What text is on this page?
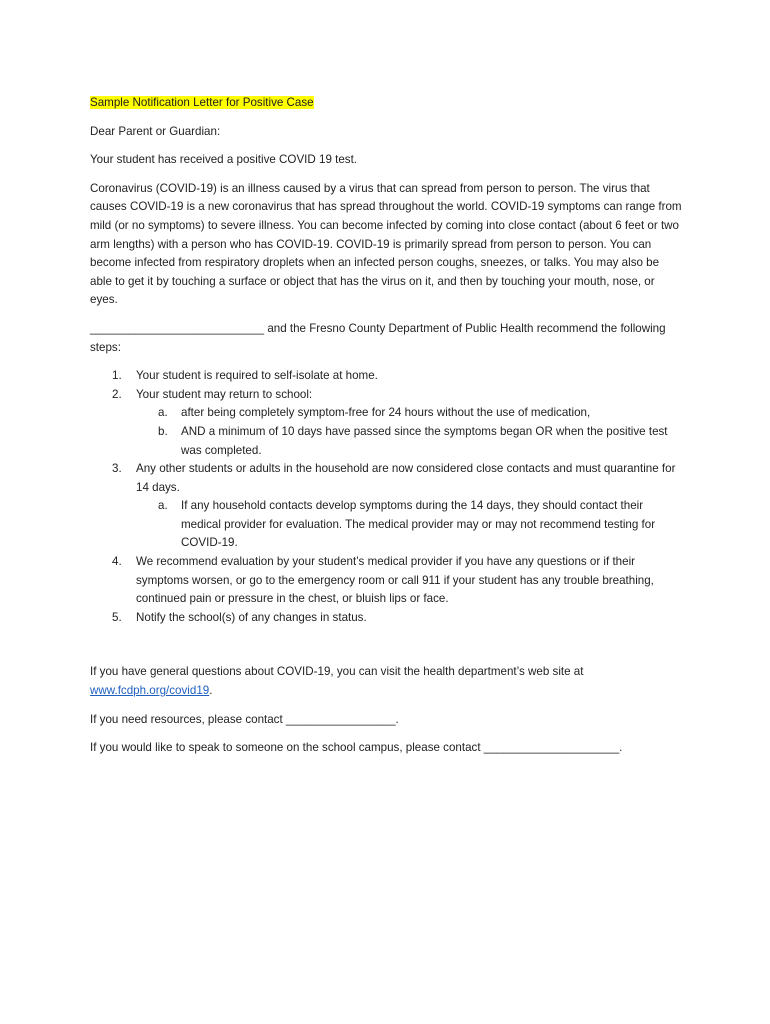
Sample Notification Letter for Positive Case

Dear Parent or Guardian:

Your student has received a positive COVID 19 test.

Coronavirus (COVID-19) is an illness caused by a virus that can spread from person to person. The virus that causes COVID-19 is a new coronavirus that has spread throughout the world. COVID-19 symptoms can range from mild (or no symptoms) to severe illness. You can become infected by coming into close contact (about 6 feet or two arm lengths) with a person who has COVID-19. COVID-19 is primarily spread from person to person. You can become infected from respiratory droplets when an infected person coughs, sneezes, or talks. You may also be able to get it by touching a surface or object that has the virus on it, and then by touching your mouth, nose, or eyes.

___________________________ and the Fresno County Department of Public Health recommend the following steps:

1. Your student is required to self-isolate at home.
2. Your student may return to school:
a. after being completely symptom-free for 24 hours without the use of medication,
b. AND a minimum of 10 days have passed since the symptoms began OR when the positive test was completed.
3. Any other students or adults in the household are now considered close contacts and must quarantine for 14 days.
a. If any household contacts develop symptoms during the 14 days, they should contact their medical provider for evaluation. The medical provider may or may not recommend testing for COVID-19.
4. We recommend evaluation by your student’s medical provider if you have any questions or if their symptoms worsen, or go to the emergency room or call 911 if your student has any trouble breathing, continued pain or pressure in the chest, or bluish lips or face.
5. Notify the school(s) of any changes in status.

If you have general questions about COVID-19, you can visit the health department’s web site at www.fcdph.org/covid19.

If you need resources, please contact _________________.

If you would like to speak to someone on the school campus, please contact _____________________.
